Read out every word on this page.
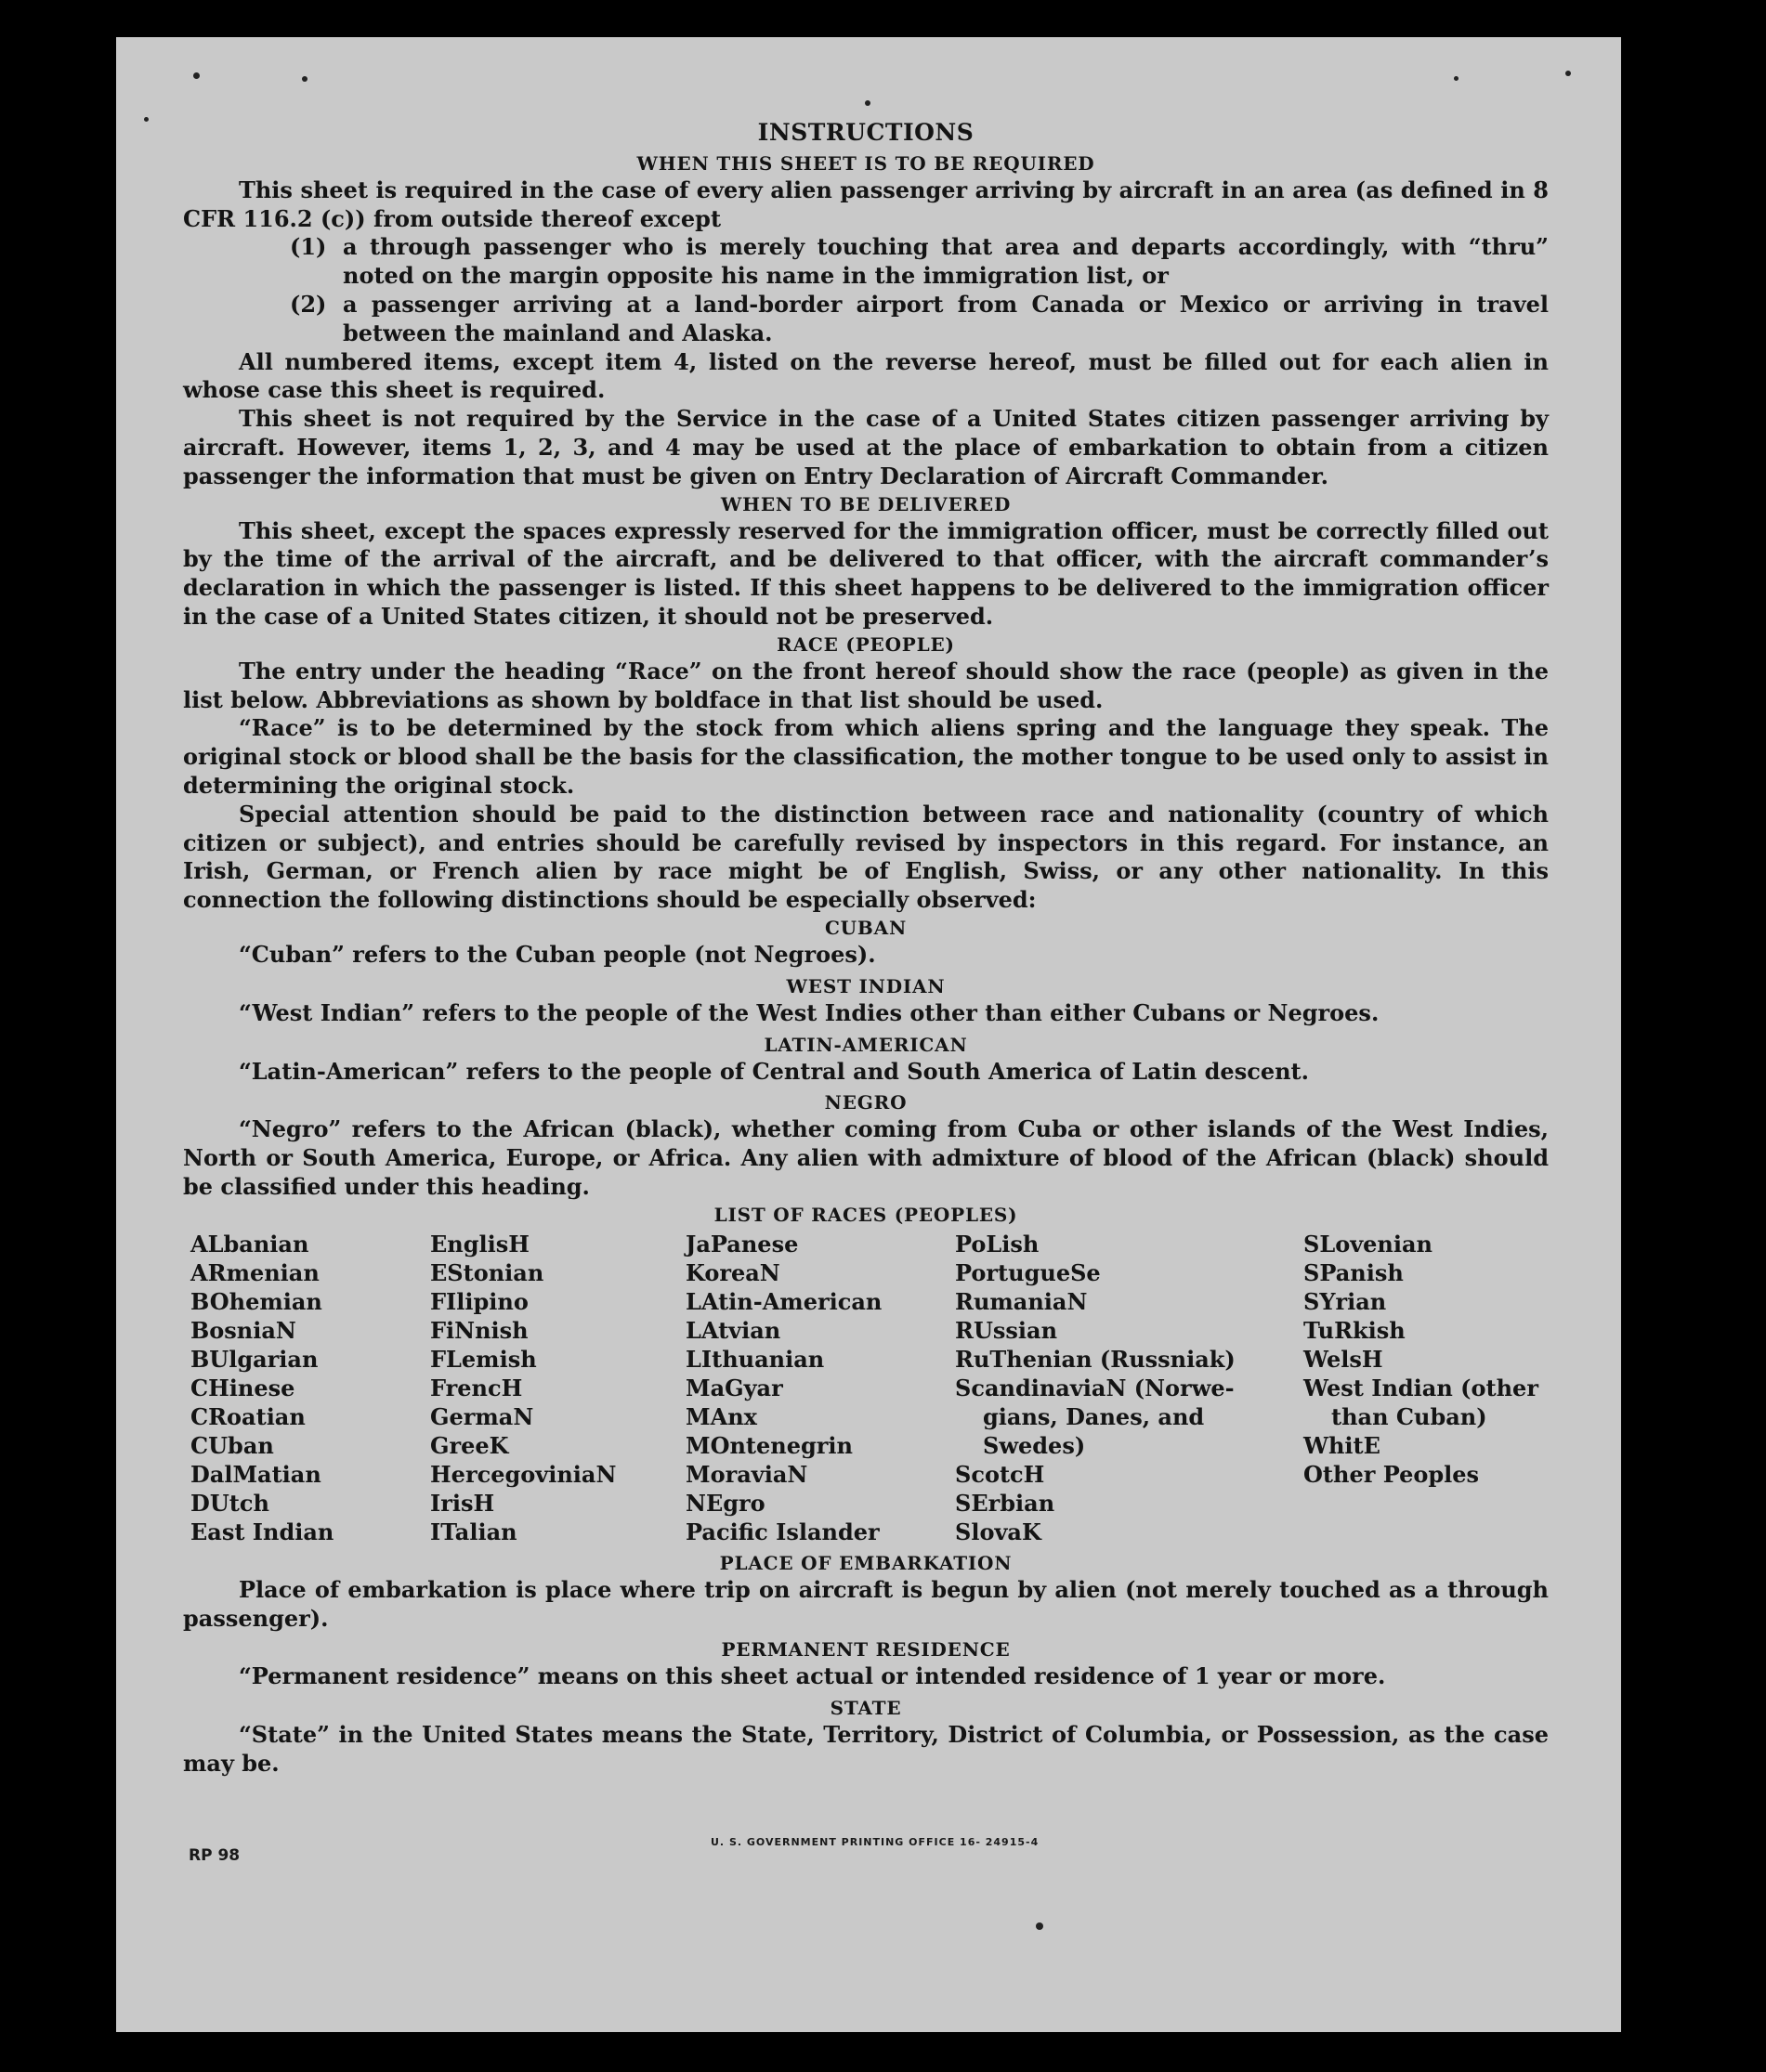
INSTRUCTIONS
WHEN THIS SHEET IS TO BE REQUIRED

This sheet is required in the case of every alien passenger arriving by aircraft in an area (as defined in 8 CFR 116.2 (c)) from outside thereof except

(1) a through passenger who is merely touching that area and departs accordingly, with “thru” noted on the margin opposite his name in the immigration list, or
(2) a passenger arriving at a land-border airport from Canada or Mexico or arriving in travel between the mainland and Alaska.

All numbered items, except item 4, listed on the reverse hereof, must be filled out for each alien in whose case this sheet is required.

This sheet is not required by the Service in the case of a United States citizen passenger arriving by aircraft. However, items 1, 2, 3, and 4 may be used at the place of embarkation to obtain from a citizen passenger the information that must be given on Entry Declaration of Aircraft Commander.

WHEN TO BE DELIVERED

This sheet, except the spaces expressly reserved for the immigration officer, must be correctly filled out by the time of the arrival of the aircraft, and be delivered to that officer, with the aircraft commander’s declaration in which the passenger is listed. If this sheet happens to be delivered to the immigration officer in the case of a United States citizen, it should not be preserved.

RACE (PEOPLE)

The entry under the heading “Race” on the front hereof should show the race (people) as given in the list below. Abbreviations as shown by boldface in that list should be used.

“Race” is to be determined by the stock from which aliens spring and the language they speak. The original stock or blood shall be the basis for the classification, the mother tongue to be used only to assist in determining the original stock.

Special attention should be paid to the distinction between race and nationality (country of which citizen or subject), and entries should be carefully revised by inspectors in this regard. For instance, an Irish, German, or French alien by race might be of English, Swiss, or any other nationality. In this connection the following distinctions should be especially observed:

CUBAN

“Cuban” refers to the Cuban people (not Negroes).

WEST INDIAN

“West Indian” refers to the people of the West Indies other than either Cubans or Negroes.

LATIN-AMERICAN

“Latin-American” refers to the people of Central and South America of Latin descent.

NEGRO

“Negro” refers to the African (black), whether coming from Cuba or other islands of the West Indies, North or South America, Europe, or Africa. Any alien with admixture of blood of the African (black) should be classified under this heading.

LIST OF RACES (PEOPLES)
ALbanian
ARmenian
BOhemian
BosniaN
BUlgarian
CHinese
CRoatian
CUban
DalMatian
DUtch
East Indian
EnglisH
EStonian
FIlipino
FiNnish
FLemish
FrencH
GermaN
GreeK
HercegoviniaN
IrisH
ITalian
JaPanese
KoreaN
LAtin-American
LAtvian
LIthuanian
MaGyar
MAnx
MOntenegrin
MoraviaN
NEgro
Pacific Islander
PoLish
PortugueSe
RumaniaN
RUssian
RuThenian (Russniak)
ScandinaviaN (Norwe-
gians, Danes, and
Swedes)
ScotcH
SErbian
SlovaK
SLovenian
SPanish
SYrian
TuRkish
WelsH
West Indian (other
than Cuban)
WhitE
Other Peoples
PLACE OF EMBARKATION

Place of embarkation is place where trip on aircraft is begun by alien (not merely touched as a through passenger).

PERMANENT RESIDENCE

“Permanent residence” means on this sheet actual or intended residence of 1 year or more.

STATE

“State” in the United States means the State, Territory, District of Columbia, or Possession, as the case may be.

U. S. GOVERNMENT PRINTING OFFICE 16- 24915-4
RP 98
